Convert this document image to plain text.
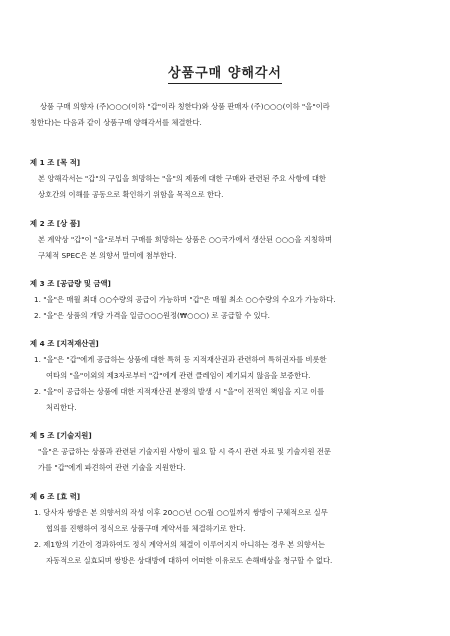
상품구매 양해각서
상품 구매 의향자 (주)○○○(이하 "갑"이라 칭한다)와 상품 판매자 (주)○○○(이하 "을"이라
칭한다)는 다음과 같이 상품구매 양해각서를 체결한다.
제 1 조 [목 적]
본 양해각서는 "갑"의 구입을 희망하는 "을"의 제품에 대한 구매와 관련된 주요 사항에 대한
상호간의 이해를 공동으로 확인하기 위함을 목적으로 한다.
제 2 조 [상 품]
본 계약상 "갑"이 "을"로부터 구매를 희망하는 상품은 ○○국가에서 생산된 ○○○을 지칭하며
구체적 SPEC은 본 의향서 말미에 첨부한다.
제 3 조 [공급량 및 금액]
1. "을"은 매월 최대 ○○수량의 공급이 가능하며 "갑"은 매월 최소 ○○수량의 수요가 가능하다.
2. "을"은 상품의 개당 가격을 일금○○○원정(₩○○○) 로 공급할 수 있다.
제 4 조 [지적재산권]
1. "을"은 "갑"에게 공급하는 상품에 대한 특허 등 지적재산권과 관련하여 특허권자를 비롯한
여타의 "을"이외의 제3자로부터 "갑"에게 관련 클레임이 제기되지 않음을 보증한다.
2. "을"이 공급하는 상품에 대한 지적재산권 분쟁의 발생 시 "을"이 전적인 책임을 지고 이를
처리한다.
제 5 조 [기술지원]
"을"은 공급하는 상품과 관련된 기술지원 사항이 필요 할 시 즉시 관련 자료 및 기술지원 전문
가를 "갑"에게 파견하여 관련 기술을 지원한다.
제 6 조 [효 력]
1. 당사자 쌍방은 본 의향서의 작성 이후 20○○년 ○○월 ○○일까지 쌍방이 구체적으로 실무
협의를 진행하여 정식으로 상품구매 계약서를 체결하기로 한다.
2. 제1항의 기간이 경과하여도 정식 계약서의 체결이 이루어지지 아니하는 경우 본 의향서는
자동적으로 실효되며 쌍방은 상대방에 대하여 어떠한 이유로도 손해배상을 청구할 수 없다.
